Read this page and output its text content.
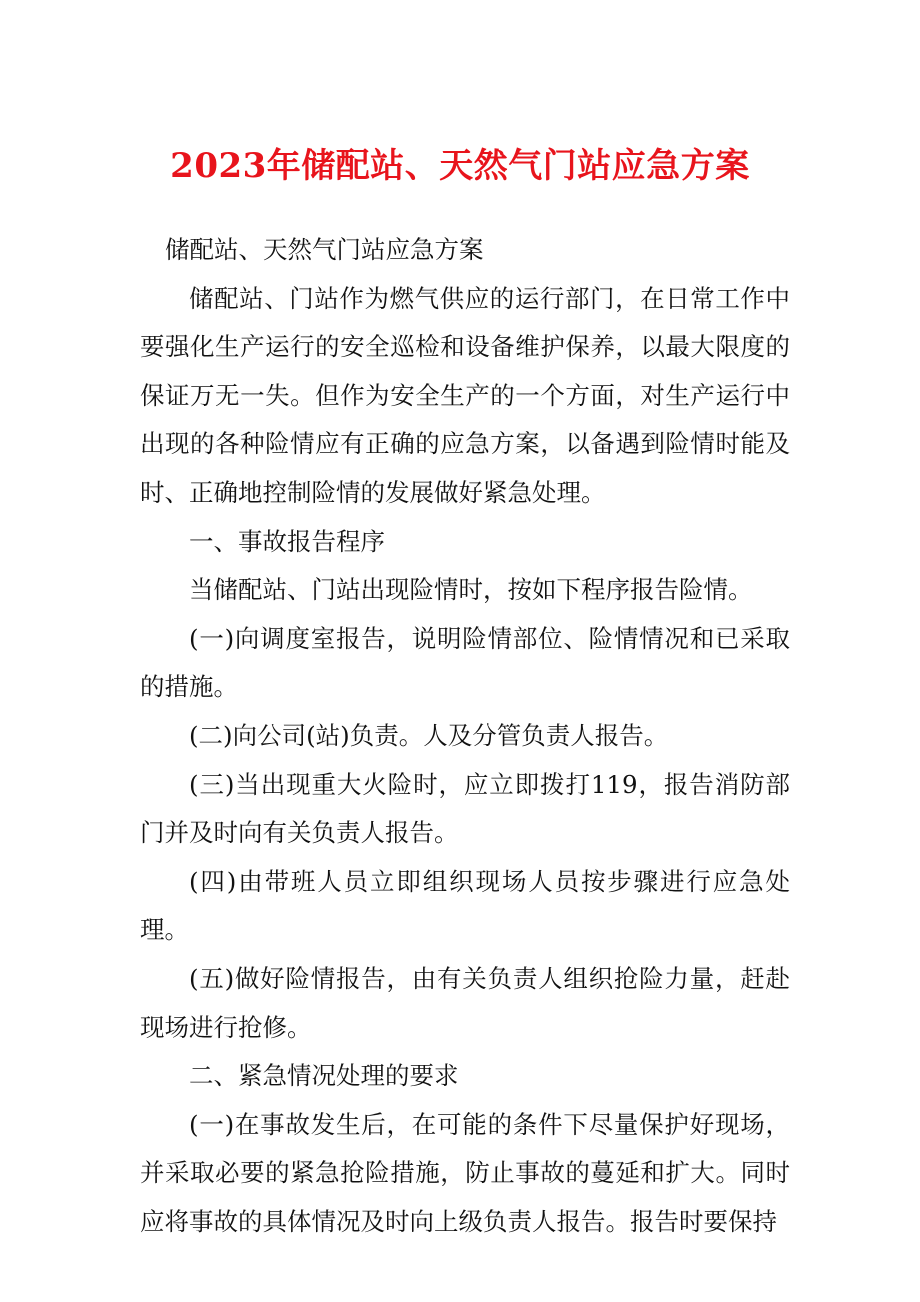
2023年储配站、天然气门站应急方案

储配站、天然气门站应急方案

储配站、门站作为燃气供应的运行部门，在日常工作中要强化生产运行的安全巡检和设备维护保养，以最大限度的保证万无一失。但作为安全生产的一个方面，对生产运行中出现的各种险情应有正确的应急方案，以备遇到险情时能及时、正确地控制险情的发展做好紧急处理。

一、事故报告程序

当储配站、门站出现险情时，按如下程序报告险情。

(一)向调度室报告，说明险情部位、险情情况和已采取的措施。

(二)向公司(站)负责。人及分管负责人报告。

(三)当出现重大火险时，应立即拨打119，报告消防部门并及时向有关负责人报告。

(四)由带班人员立即组织现场人员按步骤进行应急处理。

(五)做好险情报告，由有关负责人组织抢险力量，赶赴现场进行抢修。

二、紧急情况处理的要求

(一)在事故发生后，在可能的条件下尽量保护好现场，并采取必要的紧急抢险措施，防止事故的蔓延和扩大。同时应将事故的具体情况及时向上级负责人报告。报告时要保持
